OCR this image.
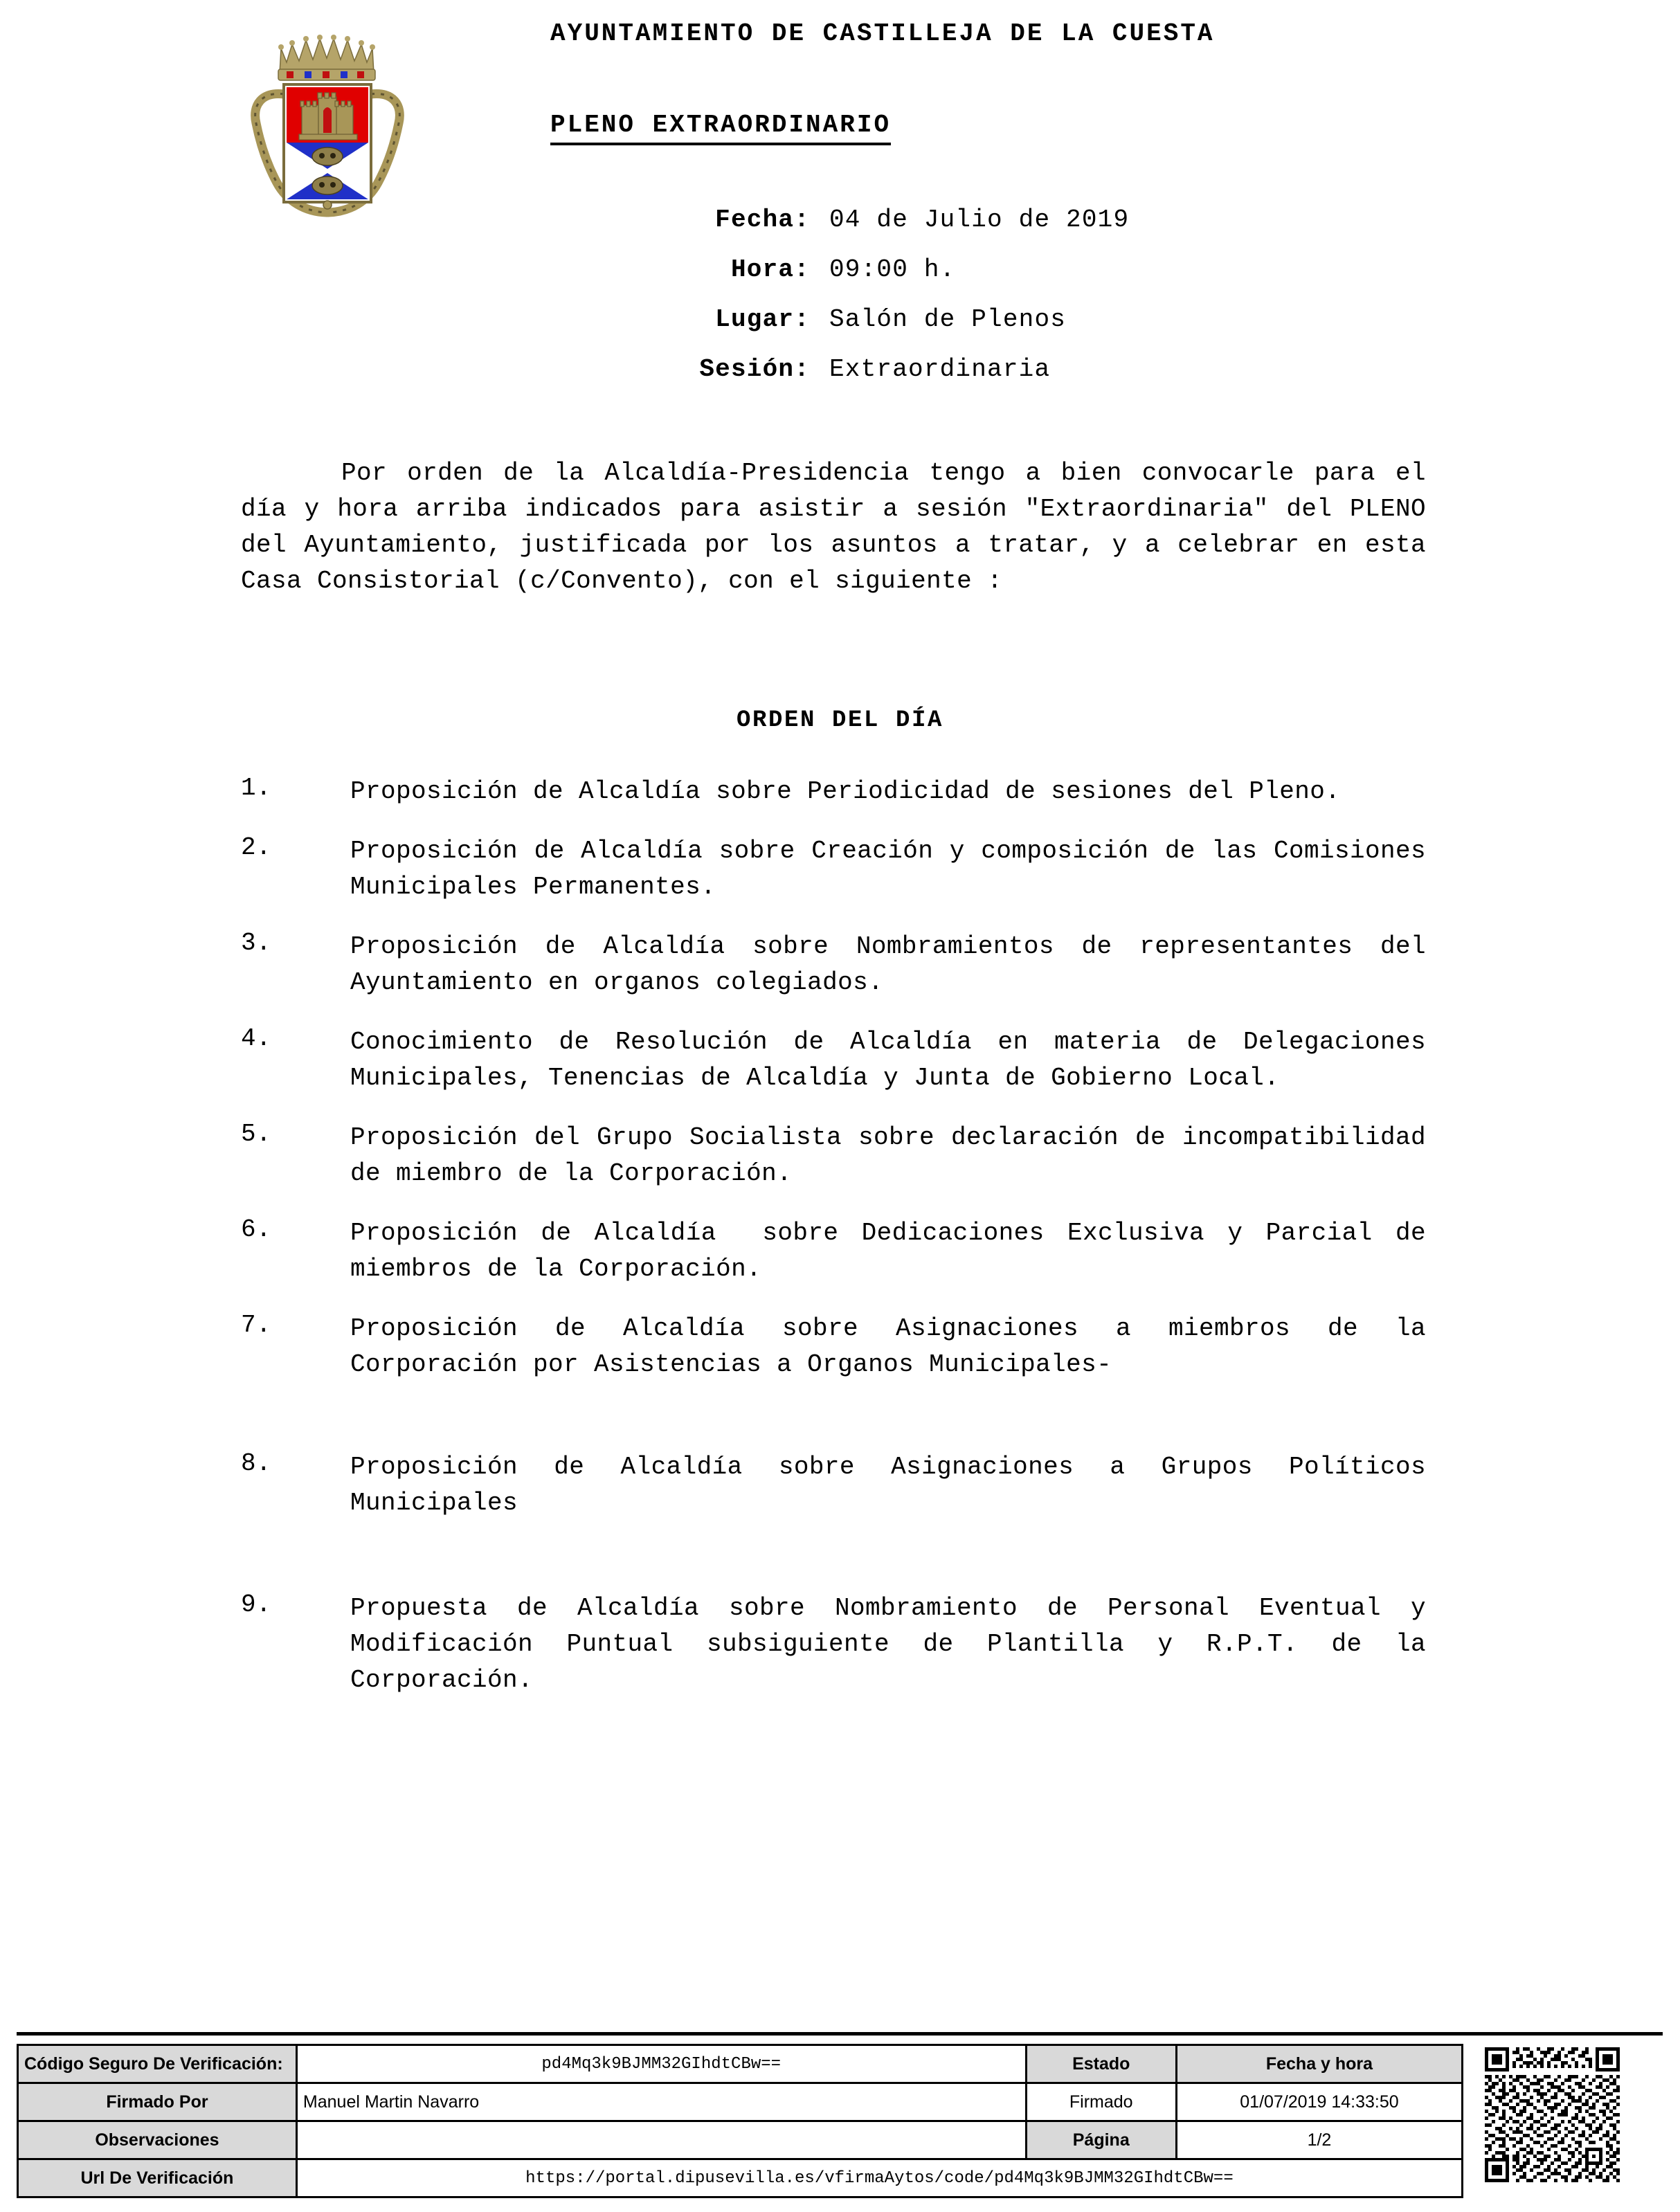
AYUNTAMIENTO DE CASTILLEJA DE LA CUESTA
PLENO EXTRAORDINARIO
Fecha: 04 de Julio de 2019
Hora: 09:00 h.
Lugar: Salón de Plenos
Sesión: Extraordinaria
Por orden de la Alcaldía-Presidencia tengo a bien convocarle para el día y hora arriba indicados para asistir a sesión "Extraordinaria" del PLENO del Ayuntamiento, justificada por los asuntos a tratar, y a celebrar en esta Casa Consistorial (c/Convento), con el siguiente :
ORDEN DEL DÍA
1.	Proposición de Alcaldía sobre Periodicidad de sesiones del Pleno.
2.	Proposición de Alcaldía sobre Creación y composición de las Comisiones Municipales Permanentes.
3.	Proposición de Alcaldía sobre Nombramientos de representantes del Ayuntamiento en organos colegiados.
4.	Conocimiento de Resolución de Alcaldía en materia de Delegaciones Municipales, Tenencias de Alcaldía y Junta de Gobierno Local.
5.	Proposición del Grupo Socialista sobre declaración de incompatibilidad de miembro de la Corporación.
6.	Proposición de Alcaldía  sobre Dedicaciones Exclusiva y Parcial de miembros de la Corporación.
7.	Proposición de Alcaldía sobre Asignaciones a miembros de la Corporación por Asistencias a Organos Municipales-
8.	Proposición de Alcaldía sobre Asignaciones a Grupos Políticos Municipales
9.	Propuesta de Alcaldía sobre Nombramiento de Personal Eventual y Modificación Puntual subsiguiente de Plantilla y R.P.T. de la Corporación.
Código Seguro De Verificación:	pd4Mq3k9BJMM32GIhdtCBw==	Estado	Fecha y hora
Firmado Por	Manuel Martin Navarro	Firmado	01/07/2019 14:33:50
Observaciones		Página	1/2
Url De Verificación	https://portal.dipusevilla.es/vfirmaAytos/code/pd4Mq3k9BJMM32GIhdtCBw==		
